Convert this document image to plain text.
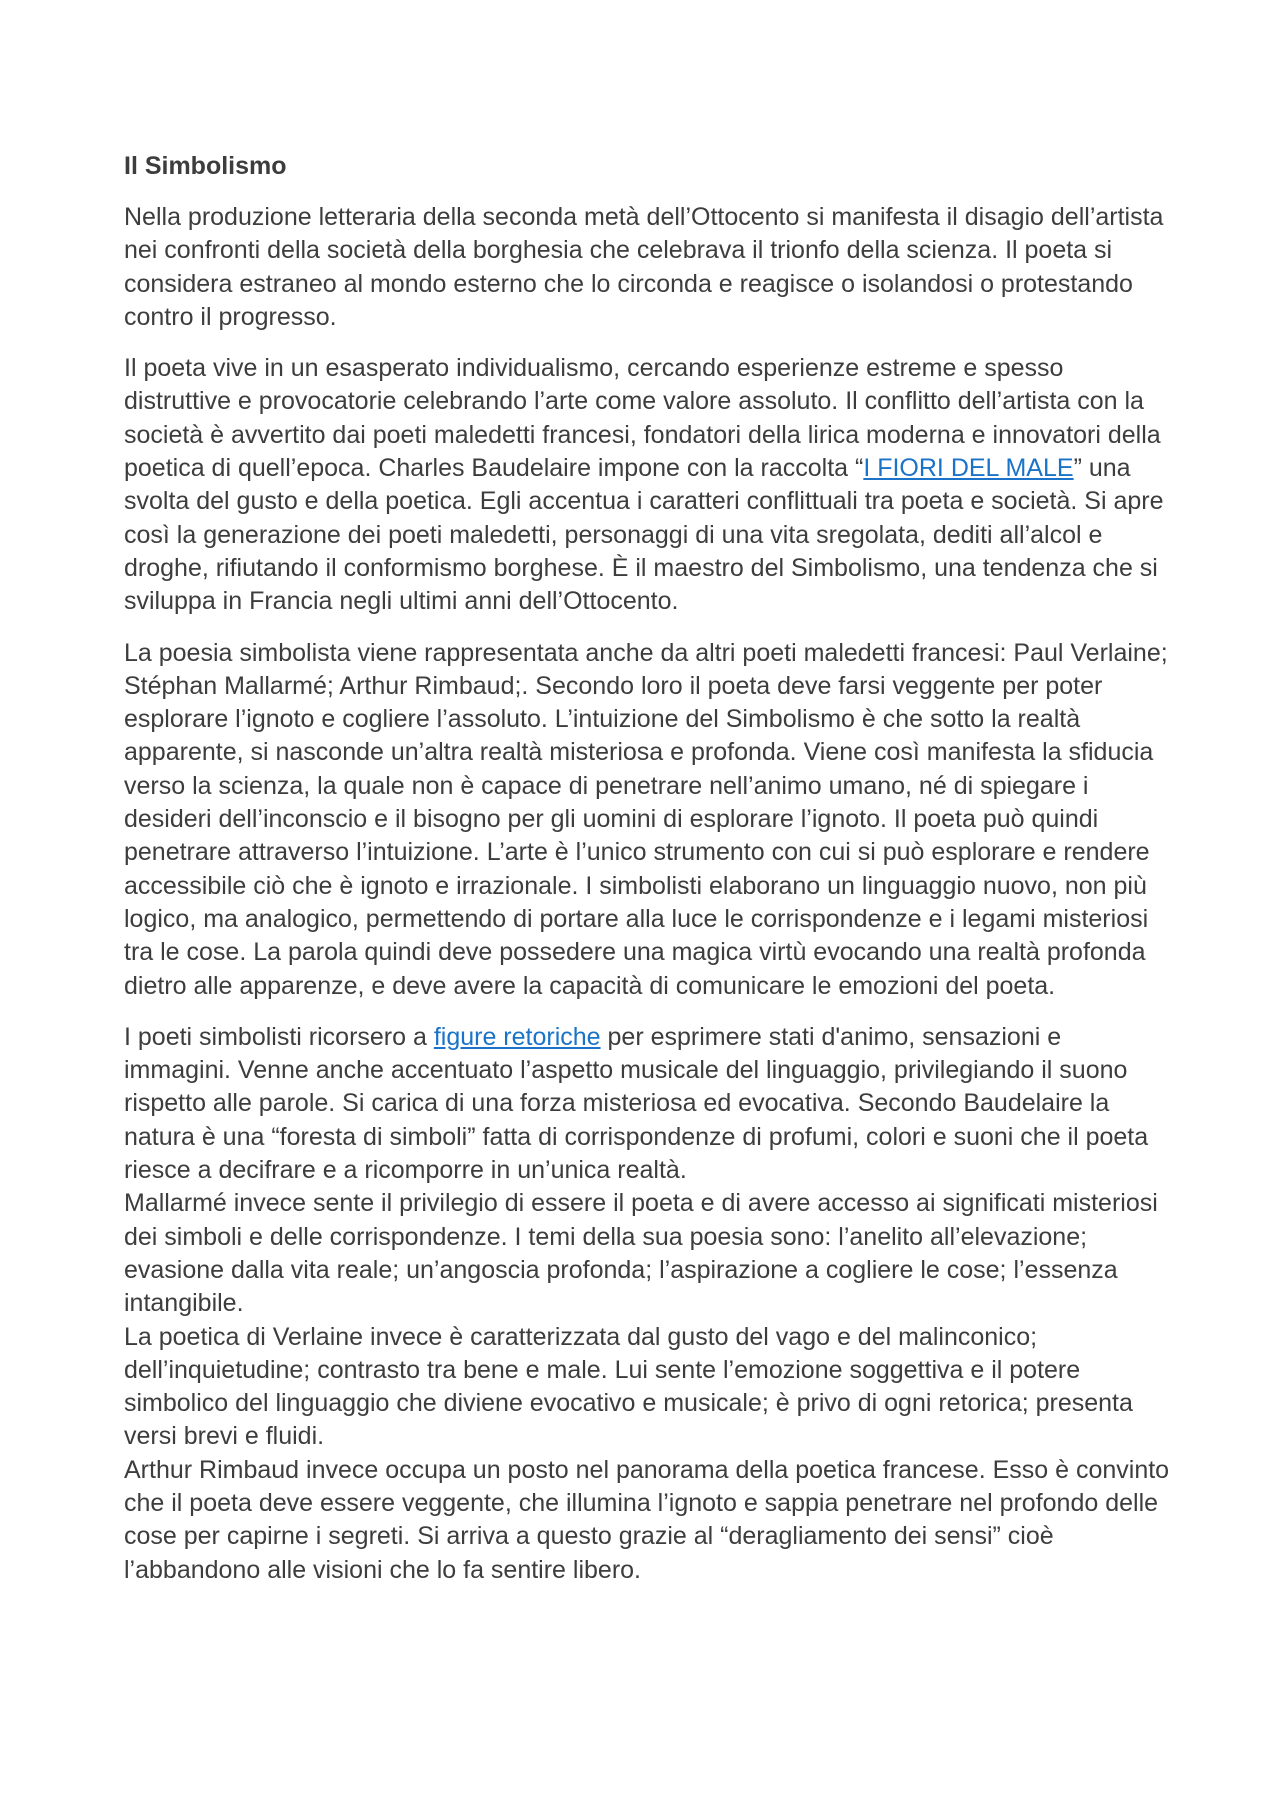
Il Simbolismo

Nella produzione letteraria della seconda metà dell’Ottocento si manifesta il disagio dell’artista nei confronti della società della borghesia che celebrava il trionfo della scienza. Il poeta si considera estraneo al mondo esterno che lo circonda e reagisce o isolandosi o protestando contro il progresso.

Il poeta vive in un esasperato individualismo, cercando esperienze estreme e spesso distruttive e provocatorie celebrando l’arte come valore assoluto. Il conflitto dell’artista con la società è avvertito dai poeti maledetti francesi, fondatori della lirica moderna e innovatori della poetica di quell’epoca. Charles Baudelaire impone con la raccolta “I FIORI DEL MALE” una svolta del gusto e della poetica. Egli accentua i caratteri conflittuali tra poeta e società. Si apre così la generazione dei poeti maledetti, personaggi di una vita sregolata, dediti all’alcol e droghe, rifiutando il conformismo borghese. È il maestro del Simbolismo, una tendenza che si sviluppa in Francia negli ultimi anni dell’Ottocento.

La poesia simbolista viene rappresentata anche da altri poeti maledetti francesi: Paul Verlaine; Stéphan Mallarmé; Arthur Rimbaud;. Secondo loro il poeta deve farsi veggente per poter esplorare l’ignoto e cogliere l’assoluto. L’intuizione del Simbolismo è che sotto la realtà apparente, si nasconde un’altra realtà misteriosa e profonda. Viene così manifesta la sfiducia verso la scienza, la quale non è capace di penetrare nell’animo umano, né di spiegare i desideri dell’inconscio e il bisogno per gli uomini di esplorare l’ignoto. Il poeta può quindi penetrare attraverso l’intuizione. L’arte è l’unico strumento con cui si può esplorare e rendere accessibile ciò che è ignoto e irrazionale. I simbolisti elaborano un linguaggio nuovo, non più logico, ma analogico, permettendo di portare alla luce le corrispondenze e i legami misteriosi tra le cose. La parola quindi deve possedere una magica virtù evocando una realtà profonda dietro alle apparenze, e deve avere la capacità di comunicare le emozioni del poeta.

I poeti simbolisti ricorsero a figure retoriche per esprimere stati d'animo, sensazioni e immagini. Venne anche accentuato l’aspetto musicale del linguaggio, privilegiando il suono rispetto alle parole. Si carica di una forza misteriosa ed evocativa. Secondo Baudelaire la natura è una “foresta di simboli” fatta di corrispondenze di profumi, colori e suoni che il poeta riesce a decifrare e a ricomporre in un’unica realtà.

Mallarmé invece sente il privilegio di essere il poeta e di avere accesso ai significati misteriosi dei simboli e delle corrispondenze. I temi della sua poesia sono: l’anelito all’elevazione; evasione dalla vita reale; un’angoscia profonda; l’aspirazione a cogliere le cose; l’essenza intangibile.

La poetica di Verlaine invece è caratterizzata dal gusto del vago e del malinconico; dell’inquietudine; contrasto tra bene e male. Lui sente l’emozione soggettiva e il potere simbolico del linguaggio che diviene evocativo e musicale; è privo di ogni retorica; presenta versi brevi e fluidi.

Arthur Rimbaud invece occupa un posto nel panorama della poetica francese. Esso è convinto che il poeta deve essere veggente, che illumina l’ignoto e sappia penetrare nel profondo delle cose per capirne i segreti. Si arriva a questo grazie al “deragliamento dei sensi” cioè l’abbandono alle visioni che lo fa sentire libero.
